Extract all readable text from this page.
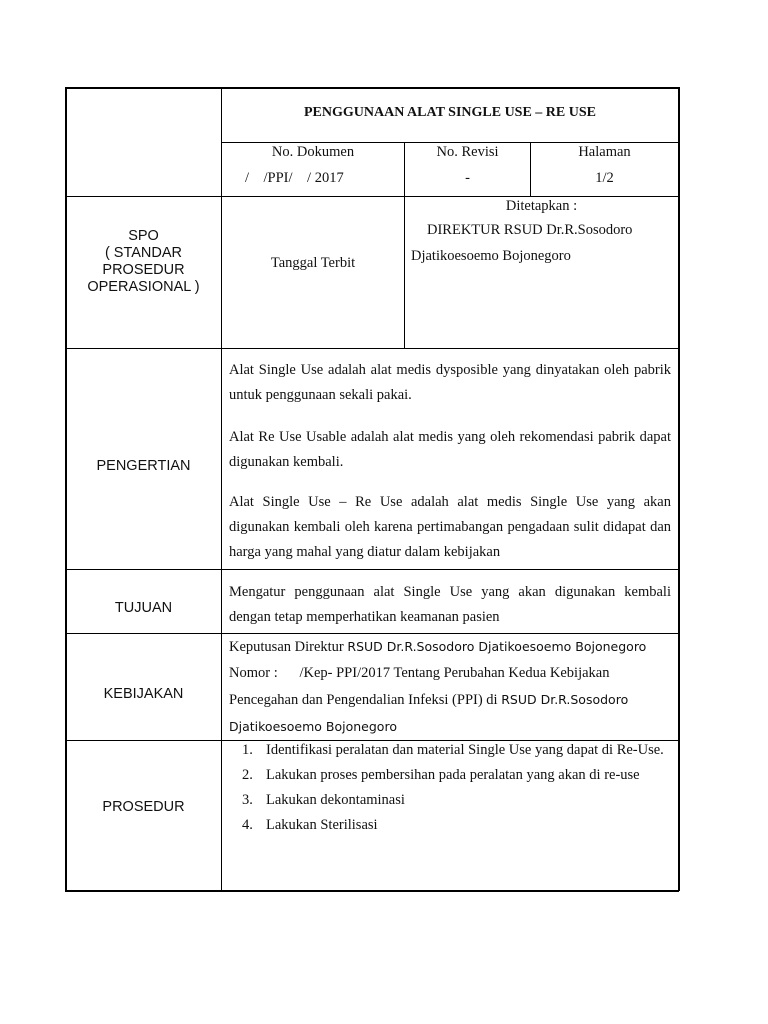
PENGGUNAAN ALAT SINGLE USE – RE USE
No. Dokumen
/    /PPI/    / 2017
No. Revisi
-
Halaman
1/2
SPO
( STANDAR
PROSEDUR
OPERASIONAL )
Tanggal Terbit
Ditetapkan :
DIREKTUR RSUD Dr.R.Sosodoro
Djatikoesoemo Bojonegoro
PENGERTIAN
Alat Single Use adalah alat medis dysposible yang dinyatakan oleh pabrik untuk penggunaan sekali pakai.
Alat Re Use Usable adalah alat medis yang oleh rekomendasi pabrik dapat digunakan kembali.
Alat Single Use – Re Use adalah alat medis Single Use yang akan digunakan kembali oleh karena pertimabangan pengadaan sulit didapat dan harga yang mahal yang diatur dalam kebijakan
TUJUAN
Mengatur penggunaan alat Single Use yang akan digunakan kembali dengan tetap memperhatikan keamanan pasien
KEBIJAKAN
Keputusan Direktur RSUD Dr.R.Sosodoro Djatikoesoemo Bojonegoro
Nomor :      /Kep- PPI/2017 Tentang Perubahan Kedua Kebijakan
Pencegahan dan Pengendalian Infeksi (PPI) di RSUD Dr.R.Sosodoro
Djatikoesoemo Bojonegoro
PROSEDUR
1. Identifikasi peralatan dan material Single Use yang dapat di Re-Use.
2. Lakukan proses pembersihan pada peralatan yang akan di re-use
3. Lakukan dekontaminasi
4. Lakukan Sterilisasi
